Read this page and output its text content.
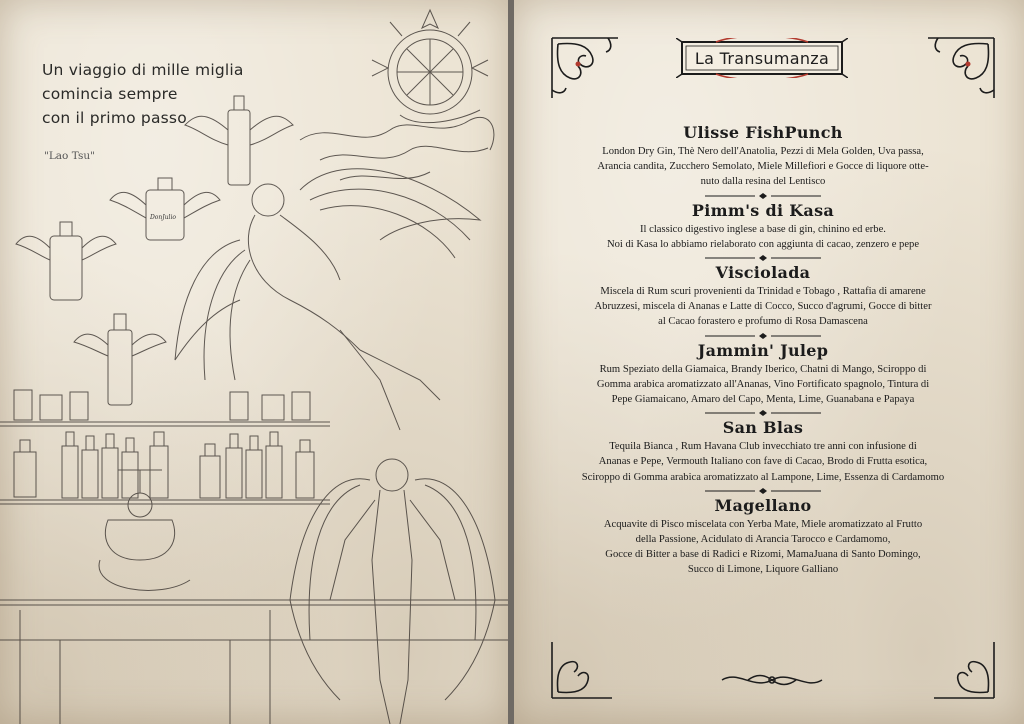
Un viaggio di mille miglia
comincia sempre
con il primo passo
"Lao Tsu"
DonJulio
La Transumanza
Ulisse FishPunch
London Dry Gin, Thè Nero dell'Anatolia, Pezzi di Mela Golden, Uva passa,
Arancia candita, Zucchero Semolato, Miele Millefiori e Gocce di liquore otte-
nuto dalla resina del Lentisco
Pimm's di Kasa
Il classico digestivo inglese a base di gin, chinino ed erbe.
Noi di Kasa lo abbiamo rielaborato con aggiunta di cacao, zenzero e pepe
Visciolada
Miscela di Rum scuri provenienti da Trinidad e Tobago , Rattafia di amarene
Abruzzesi, miscela di Ananas e Latte di Cocco, Succo d'agrumi, Gocce di bitter
al Cacao forastero e profumo di Rosa Damascena
Jammin' Julep
Rum Speziato della Giamaica, Brandy Iberico, Chatni di Mango, Sciroppo di
Gomma arabica aromatizzato all'Ananas, Vino Fortificato spagnolo, Tintura di
Pepe Giamaicano, Amaro del Capo, Menta, Lime, Guanabana e Papaya
San Blas
Tequila Bianca , Rum Havana Club invecchiato tre anni con infusione di
Ananas e Pepe, Vermouth Italiano con fave di Cacao, Brodo di Frutta esotica,
Sciroppo di Gomma arabica aromatizzato al Lampone, Lime, Essenza di Cardamomo
Magellano
Acquavite di Pisco miscelata con Yerba Mate, Miele aromatizzato al Frutto
della Passione, Acidulato di Arancia Tarocco e Cardamomo,
Gocce di Bitter a base di Radici e Rizomi, MamaJuana di Santo Domingo,
Succo di Limone, Liquore Galliano
